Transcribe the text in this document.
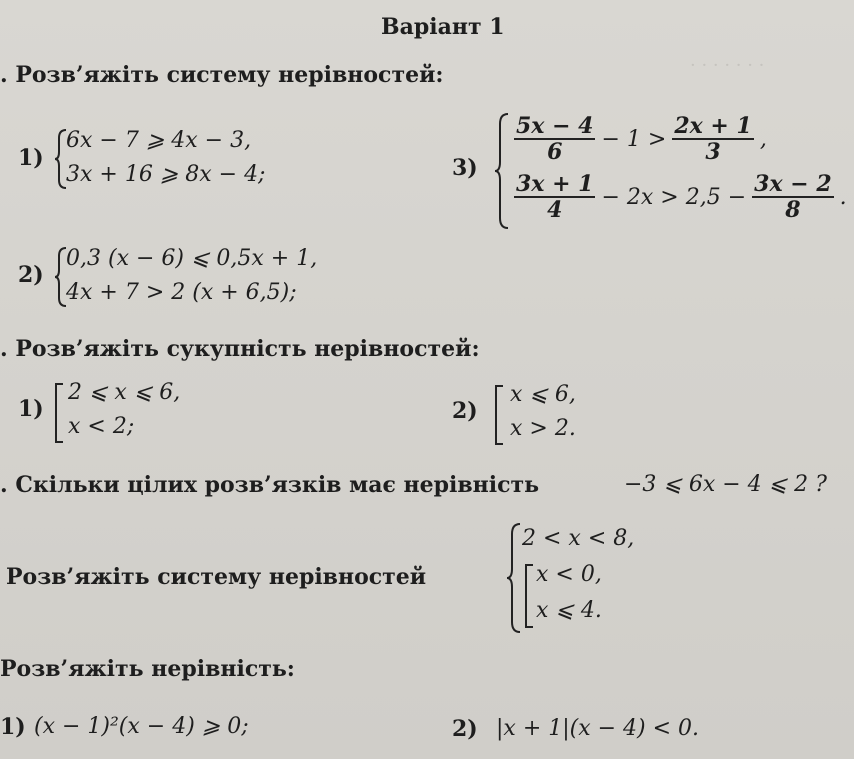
· · · · · · ·
Варіант 1
. Розв’яжіть систему нерівностей:
1)
6x − 7 ⩾ 4x − 3,
3x + 16 ⩾ 8x − 4;
2)
0,3 (x − 6) ⩽ 0,5x + 1,
4x + 7 > 2 (x + 6,5);
3)
$\frac{5x - 4}{6} - 1 > \frac{2x + 1}{3}$ ,
$\frac{3x + 1}{4} - 2x > 2,5 - \frac{3x - 2}{8}$ .
. Розв’яжіть сукупність нерівностей:
1)
2 ⩽ x ⩽ 6,
x < 2;
2)
x ⩽ 6,
x > 2.
. Скільки цілих розв’язків має нерівність	−3 ⩽ 6x − 4 ⩽ 2 ?
Розв’яжіть систему нерівностей
2 < x < 8,
x < 0,
x ⩽ 4.
Розв’яжіть нерівність:
1) (x − 1)²(x − 4) ⩾ 0;	2) |x + 1|(x − 4) < 0.
